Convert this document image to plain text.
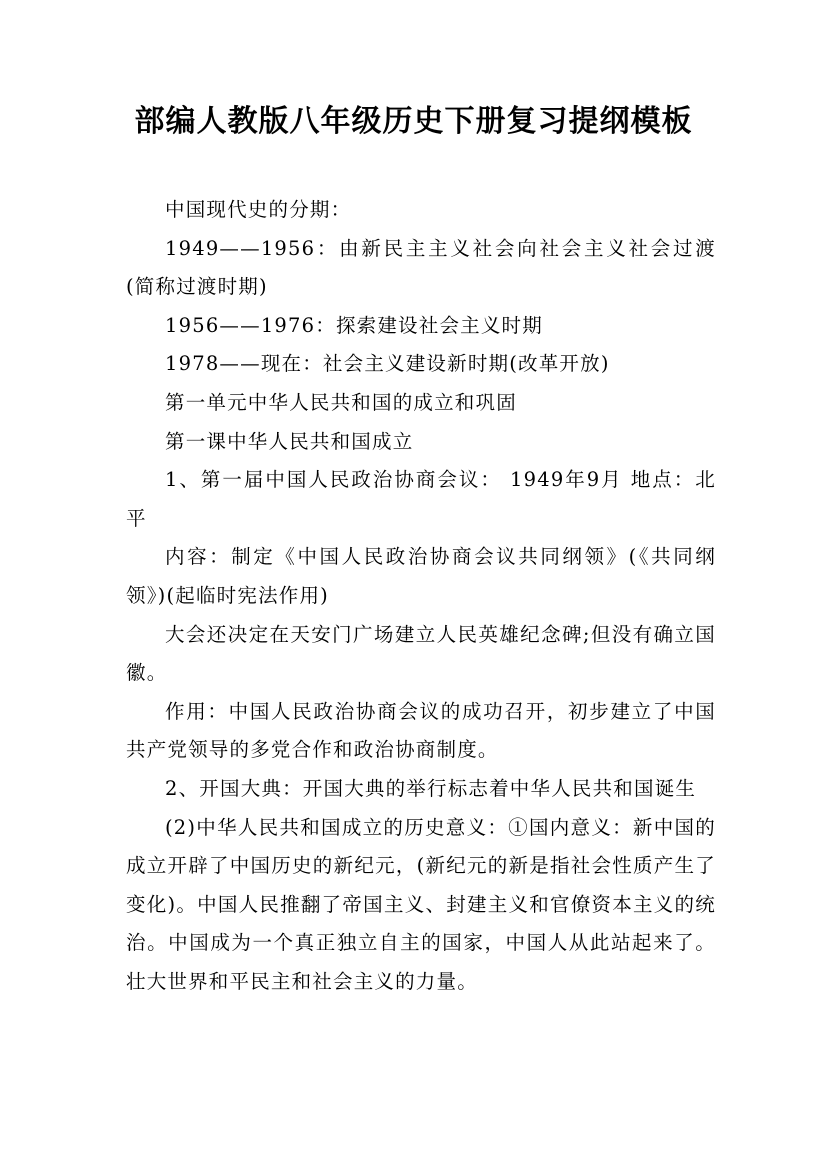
部编人教版八年级历史下册复习提纲模板

中国现代史的分期：

1949——1956：由新民主主义社会向社会主义社会过渡(简称过渡时期)

1956——1976：探索建设社会主义时期

1978——现在：社会主义建设新时期(改革开放)

第一单元中华人民共和国的成立和巩固

第一课中华人民共和国成立

1、第一届中国人民政治协商会议： 1949年9月 地点：北平

内容：制定《中国人民政治协商会议共同纲领》(《共同纲领》)(起临时宪法作用)

大会还决定在天安门广场建立人民英雄纪念碑;但没有确立国徽。

作用：中国人民政治协商会议的成功召开，初步建立了中国共产党领导的多党合作和政治协商制度。

2、开国大典：开国大典的举行标志着中华人民共和国诞生

(2)中华人民共和国成立的历史意义：①国内意义：新中国的成立开辟了中国历史的新纪元，(新纪元的新是指社会性质产生了变化)。中国人民推翻了帝国主义、封建主义和官僚资本主义的统治。中国成为一个真正独立自主的国家，中国人从此站起来了。壮大世界和平民主和社会主义的力量。
